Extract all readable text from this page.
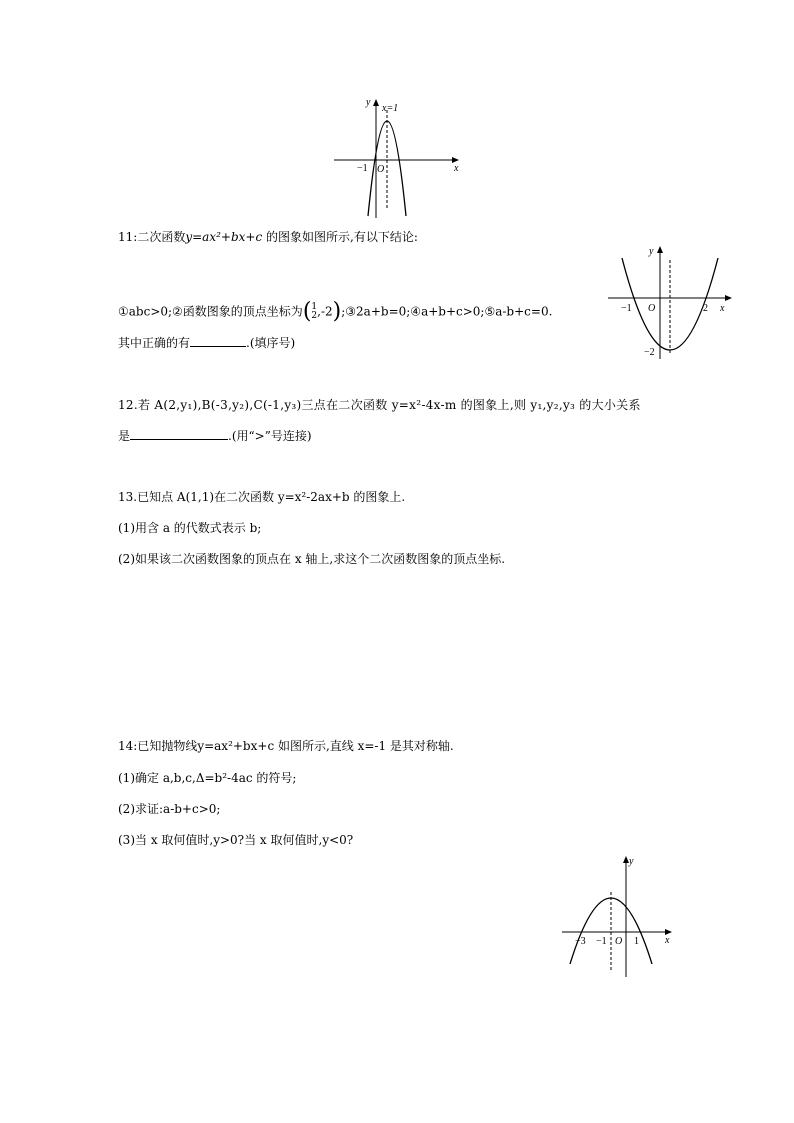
y
x=1
−1 O	x
11:二次函数y=ax²+bx+c 的图象如图所示,有以下结论:
①abc>0;②函数图象的顶点坐标为( 1
2 ,-2);③2a+b=0;④a+b+c>0;⑤a-b+c=0.
其中正确的有	.(填序号)
y
−1 O	2 x
−2
12.若 A(2,y₁),B(-3,y₂),C(-1,y₃)三点在二次函数 y=x²-4x-m 的图象上,则 y₁,y₂,y₃ 的大小关系
是	.(用“>”号连接)
13.已知点 A(1,1)在二次函数 y=x²-2ax+b 的图象上.
(1)用含 a 的代数式表示 b;
(2)如果该二次函数图象的顶点在 x 轴上,求这个二次函数图象的顶点坐标.
14:已知抛物线y=ax²+bx+c 如图所示,直线 x=-1 是其对称轴.
(1)确定 a,b,c,Δ=b²-4ac 的符号;
(2)求证:a-b+c>0;
(3)当 x 取何值时,y>0?当 x 取何值时,y<0?
y
−3 −1 O 1	x
